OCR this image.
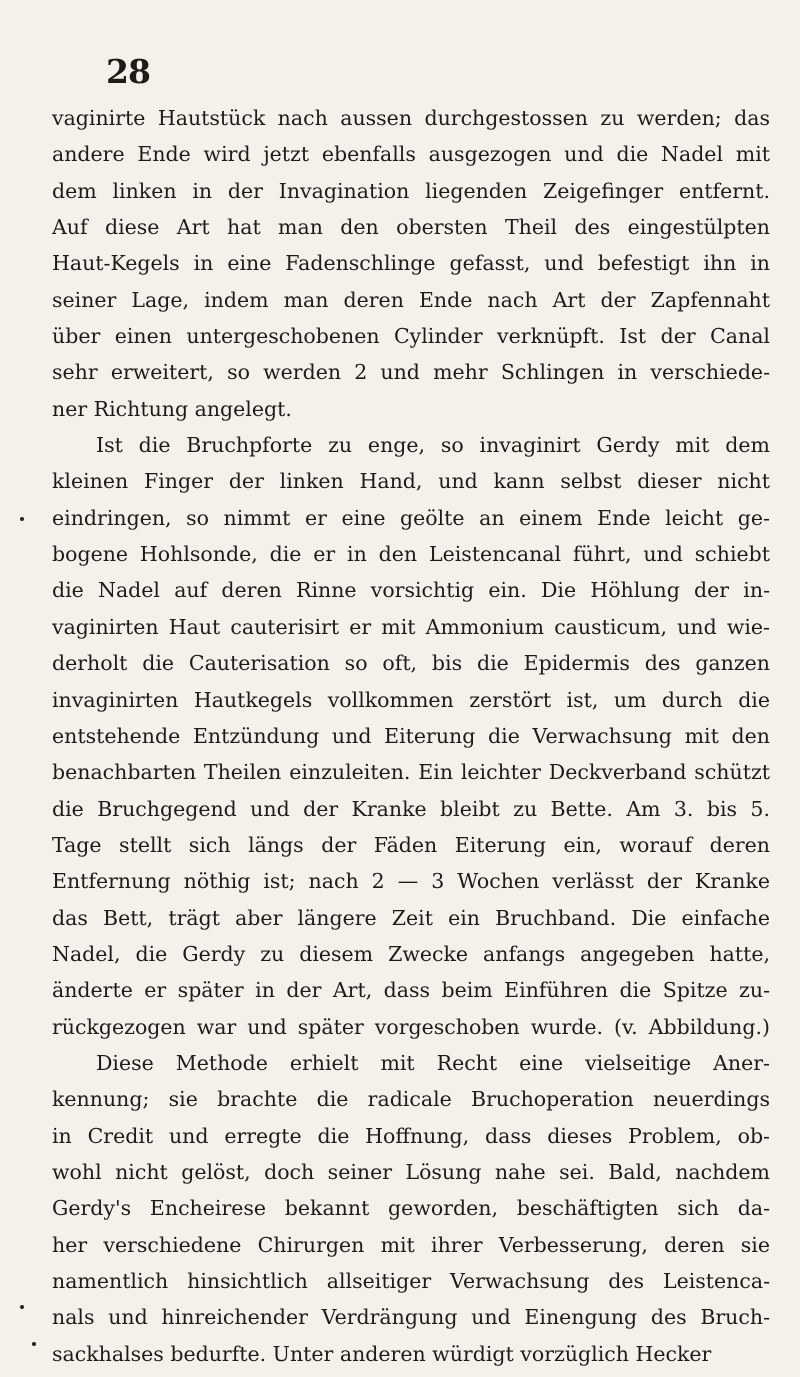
28
vaginirte Hautstück nach aussen durchgestossen zu werden; das
andere Ende wird jetzt ebenfalls ausgezogen und die Nadel mit
dem linken in der Invagination liegenden Zeigefinger entfernt.
Auf diese Art hat man den obersten Theil des eingestülpten
Haut-Kegels in eine Fadenschlinge gefasst, und befestigt ihn in
seiner Lage, indem man deren Ende nach Art der Zapfennaht
über einen untergeschobenen Cylinder verknüpft. Ist der Canal
sehr erweitert, so werden 2 und mehr Schlingen in verschiede-
ner Richtung angelegt.
Ist die Bruchpforte zu enge, so invaginirt Gerdy mit dem
kleinen Finger der linken Hand, und kann selbst dieser nicht
eindringen, so nimmt er eine geölte an einem Ende leicht ge-
bogene Hohlsonde, die er in den Leistencanal führt, und schiebt
die Nadel auf deren Rinne vorsichtig ein. Die Höhlung der in-
vaginirten Haut cauterisirt er mit Ammonium causticum, und wie-
derholt die Cauterisation so oft, bis die Epidermis des ganzen
invaginirten Hautkegels vollkommen zerstört ist, um durch die
entstehende Entzündung und Eiterung die Verwachsung mit den
benachbarten Theilen einzuleiten. Ein leichter Deckverband schützt
die Bruchgegend und der Kranke bleibt zu Bette. Am 3. bis 5.
Tage stellt sich längs der Fäden Eiterung ein, worauf deren
Entfernung nöthig ist; nach 2 — 3 Wochen verlässt der Kranke
das Bett, trägt aber längere Zeit ein Bruchband. Die einfache
Nadel, die Gerdy zu diesem Zwecke anfangs angegeben hatte,
änderte er später in der Art, dass beim Einführen die Spitze zu-
rückgezogen war und später vorgeschoben wurde. (v. Abbildung.)
Diese Methode erhielt mit Recht eine vielseitige Aner-
kennung; sie brachte die radicale Bruchoperation neuerdings
in Credit und erregte die Hoffnung, dass dieses Problem, ob-
wohl nicht gelöst, doch seiner Lösung nahe sei. Bald, nachdem
Gerdy's Encheirese bekannt geworden, beschäftigten sich da-
her verschiedene Chirurgen mit ihrer Verbesserung, deren sie
namentlich hinsichtlich allseitiger Verwachsung des Leistenca-
nals und hinreichender Verdrängung und Einengung des Bruch-
sackhalses bedurfte. Unter anderen würdigt vorzüglich Hecker
